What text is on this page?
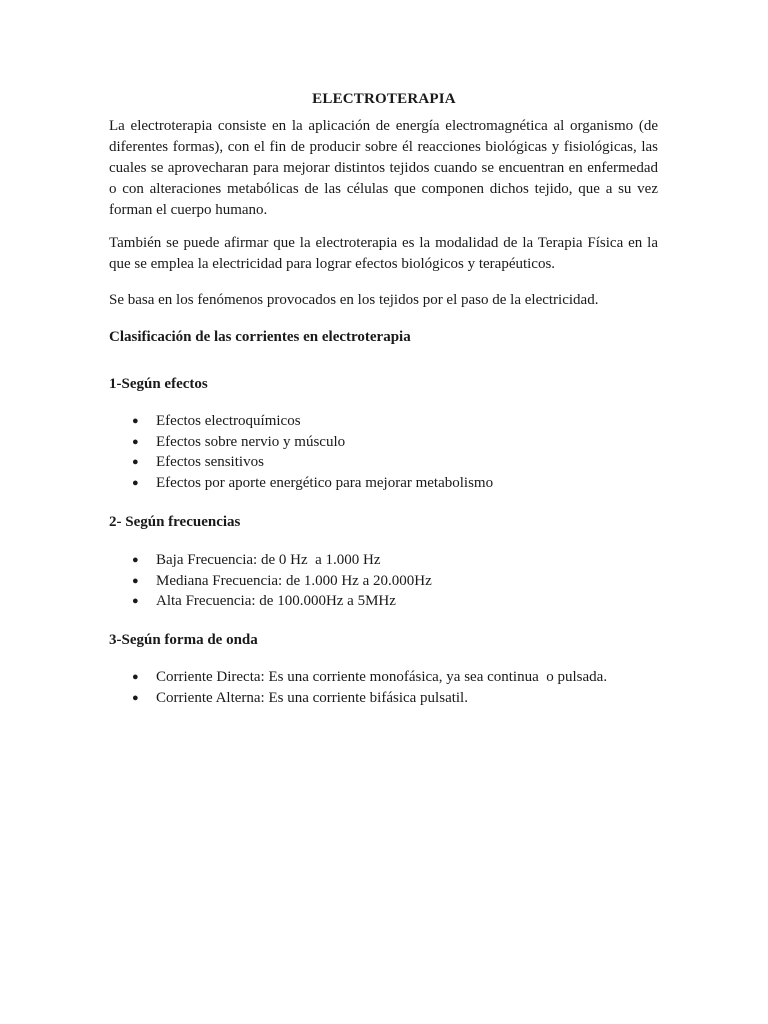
ELECTROTERAPIA

La electroterapia consiste en la aplicación de energía electromagnética al organismo (de diferentes formas), con el fin de producir sobre él reacciones biológicas y fisiológicas, las cuales se aprovecharan para mejorar distintos tejidos cuando se encuentran en enfermedad o con alteraciones metabólicas de las células que componen dichos tejido, que a su vez forman el cuerpo humano.

También se puede afirmar que la electroterapia es la modalidad de la Terapia Física en la que se emplea la electricidad para lograr efectos biológicos y terapéuticos.

Se basa en los fenómenos provocados en los tejidos por el paso de la electricidad.

Clasificación de las corrientes en electroterapia

1-Según efectos

● Efectos electroquímicos
● Efectos sobre nervio y músculo
● Efectos sensitivos
● Efectos por aporte energético para mejorar metabolismo

2- Según frecuencias

● Baja Frecuencia: de 0 Hz  a 1.000 Hz
● Mediana Frecuencia: de 1.000 Hz a 20.000Hz
● Alta Frecuencia: de 100.000Hz a 5MHz

3-Según forma de onda

● Corriente Directa: Es una corriente monofásica, ya sea continua  o pulsada.
● Corriente Alterna: Es una corriente bifásica pulsatil.
